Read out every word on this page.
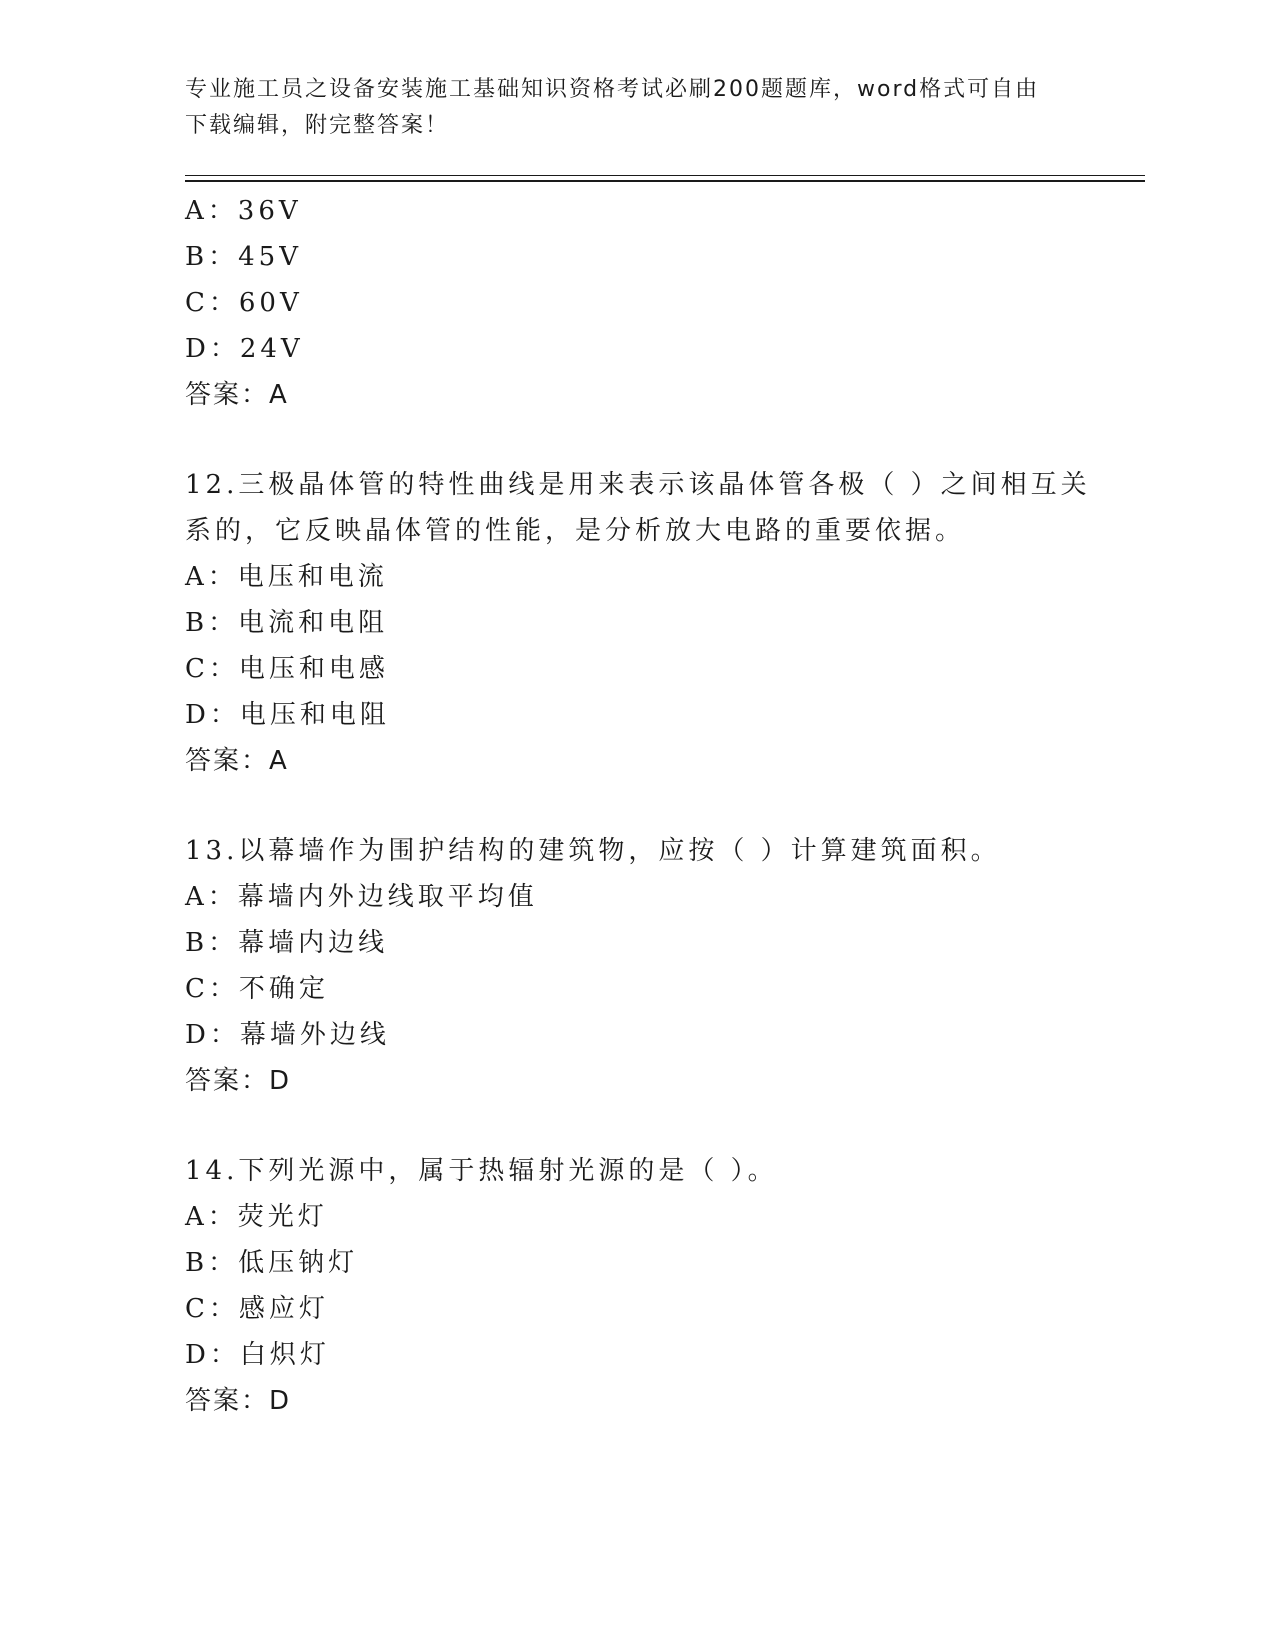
专业施工员之设备安装施工基础知识资格考试必刷200题题库，word格式可自由
下载编辑，附完整答案！
A：36V
B：45V
C：60V
D：24V
答案：A
12.三极晶体管的特性曲线是用来表示该晶体管各极（ ）之间相互关
系的，它反映晶体管的性能，是分析放大电路的重要依据。
A：电压和电流
B：电流和电阻
C：电压和电感
D：电压和电阻
答案：A
13.以幕墙作为围护结构的建筑物，应按（ ）计算建筑面积。
A：幕墙内外边线取平均值
B：幕墙内边线
C：不确定
D：幕墙外边线
答案：D
14.下列光源中，属于热辐射光源的是（ ）。
A：荧光灯
B：低压钠灯
C：感应灯
D：白炽灯
答案：D
